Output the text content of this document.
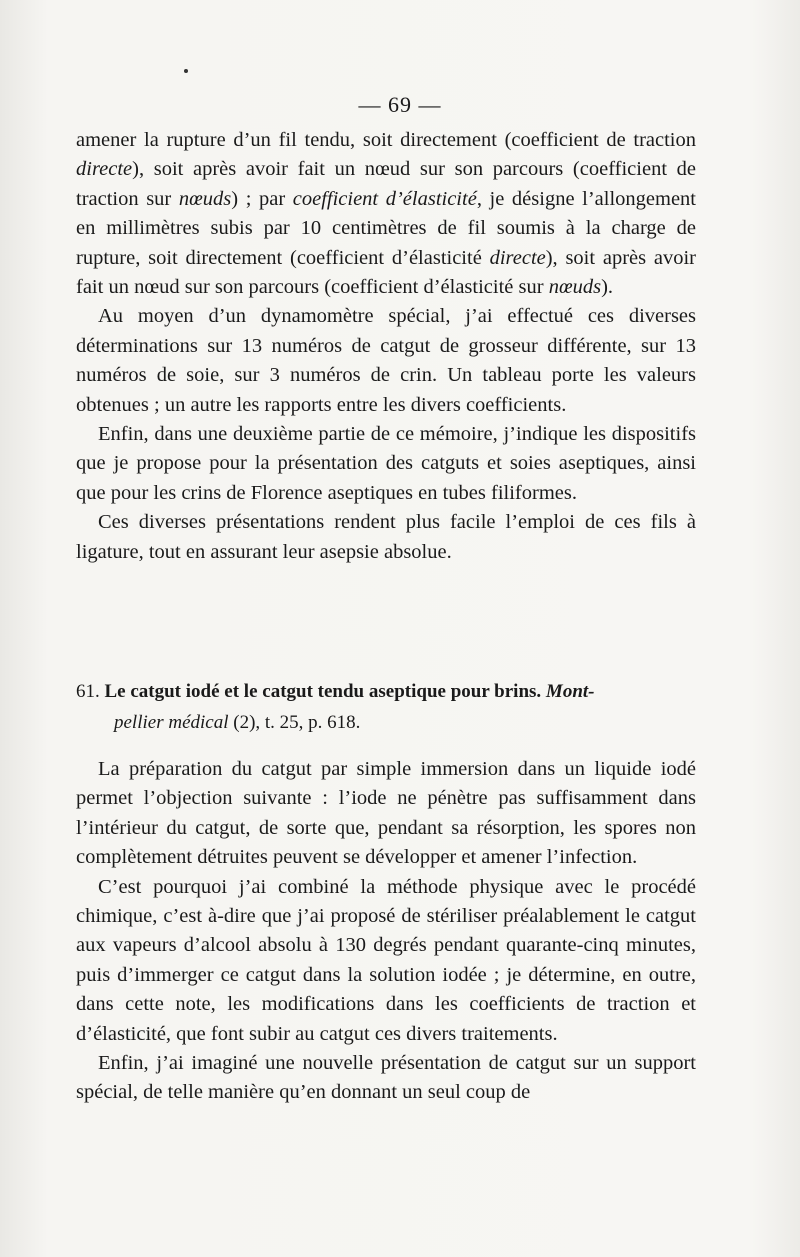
— 69 —

amener la rupture d’un fil tendu, soit directement (coefficient de traction directe), soit après avoir fait un nœud sur son parcours (coefficient de traction sur nœuds) ; par coefficient d’élasticité, je désigne l’allongement en millimètres subis par 10 centimètres de fil soumis à la charge de rupture, soit directement (coefficient d’élasticité directe), soit après avoir fait un nœud sur son parcours (coefficient d’élasticité sur nœuds).

Au moyen d’un dynamomètre spécial, j’ai effectué ces diverses déterminations sur 13 numéros de catgut de grosseur différente, sur 13 numéros de soie, sur 3 numéros de crin. Un tableau porte les valeurs obtenues ; un autre les rapports entre les divers coefficients.

Enfin, dans une deuxième partie de ce mémoire, j’indique les dispositifs que je propose pour la présentation des catguts et soies aseptiques, ainsi que pour les crins de Florence aseptiques en tubes filiformes.

Ces diverses présentations rendent plus facile l’emploi de ces fils à ligature, tout en assurant leur asepsie absolue.

61. Le catgut iodé et le catgut tendu aseptique pour brins. Mont-
pellier médical (2), t. 25, p. 618.

La préparation du catgut par simple immersion dans un liquide iodé permet l’objection suivante : l’iode ne pénètre pas suffisamment dans l’intérieur du catgut, de sorte que, pendant sa résorption, les spores non complètement détruites peuvent se développer et amener l’infection.

C’est pourquoi j’ai combiné la méthode physique avec le procédé chimique, c’est à-dire que j’ai proposé de stériliser préalablement le catgut aux vapeurs d’alcool absolu à 130 degrés pendant quarante-cinq minutes, puis d’immerger ce catgut dans la solution iodée ; je détermine, en outre, dans cette note, les modifications dans les coefficients de traction et d’élasticité, que font subir au catgut ces divers traitements.

Enfin, j’ai imaginé une nouvelle présentation de catgut sur un support spécial, de telle manière qu’en donnant un seul coup de
